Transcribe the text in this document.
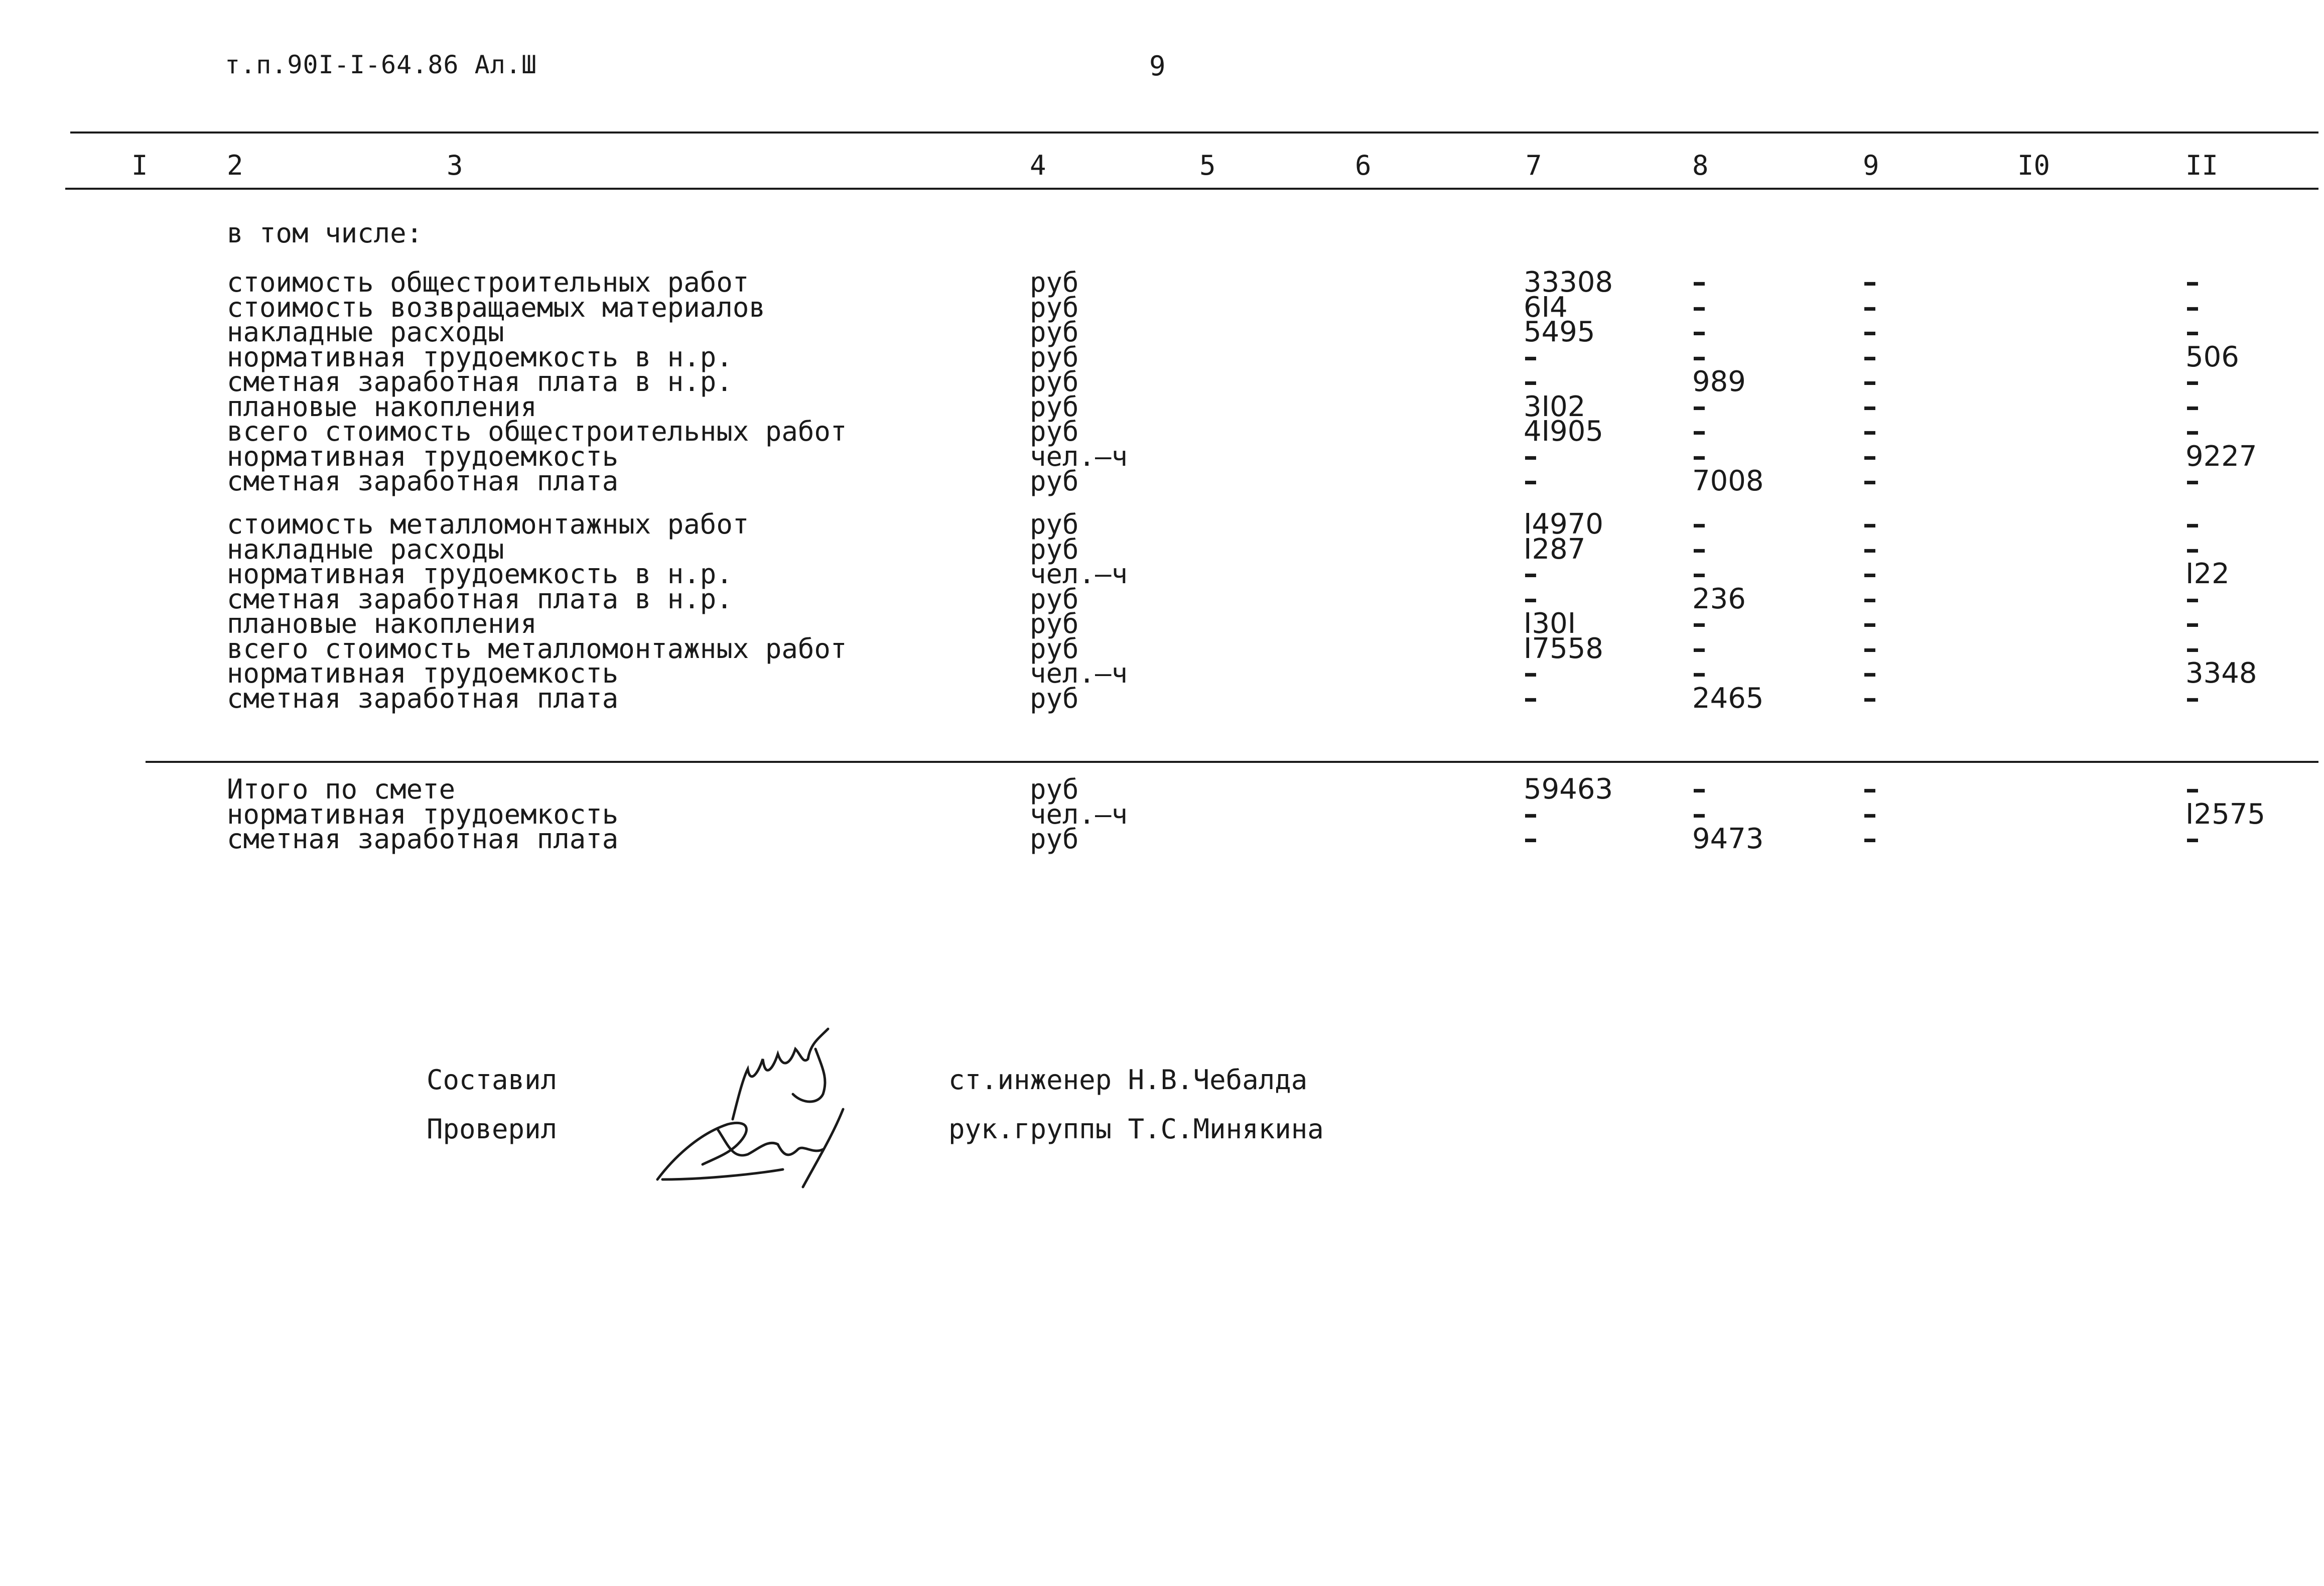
т.п.90I-I-64.86 Ал.Ш	9
I	2	3	4	5	6	7	8	9	I0	II
в том числе:
стоимость общестроительных работ	руб	33308	–	–	–
стоимость возвращаемых материалов	руб	6I4	–	–	–
накладные расходы	руб	5495	–	–	–
нормативная трудоемкость в н.р.	руб	–	–	–	506
сметная заработная плата в н.р.	руб	–	989	–	–
плановые накопления	руб	3I02	–	–	–
всего стоимость общестроительных работ	руб	4I905	–	–	–
нормативная трудоемкость	чел.–ч	–	–	–	9227
сметная заработная плата	руб	–	7008	–	–
стоимость металломонтажных работ	руб	I4970	–	–	–
накладные расходы	руб	I287	–	–	–
нормативная трудоемкость в н.р.	чел.–ч	–	–	–	I22
сметная заработная плата в н.р.	руб	–	236	–	–
плановые накопления	руб	I30I	–	–	–
всего стоимость металломонтажных работ	руб	I7558	–	–	–
нормативная трудоемкость	чел.–ч	–	–	–	3348
сметная заработная плата	руб	–	2465	–	–
Итого по смете	руб	59463	–	–	–
нормативная трудоемкость	чел.–ч	–	–	–	I2575
сметная заработная плата	руб	–	9473	–	–
Составил	ст.инженер Н.В.Чебалда
Проверил	рук.группы Т.С.Минякина
